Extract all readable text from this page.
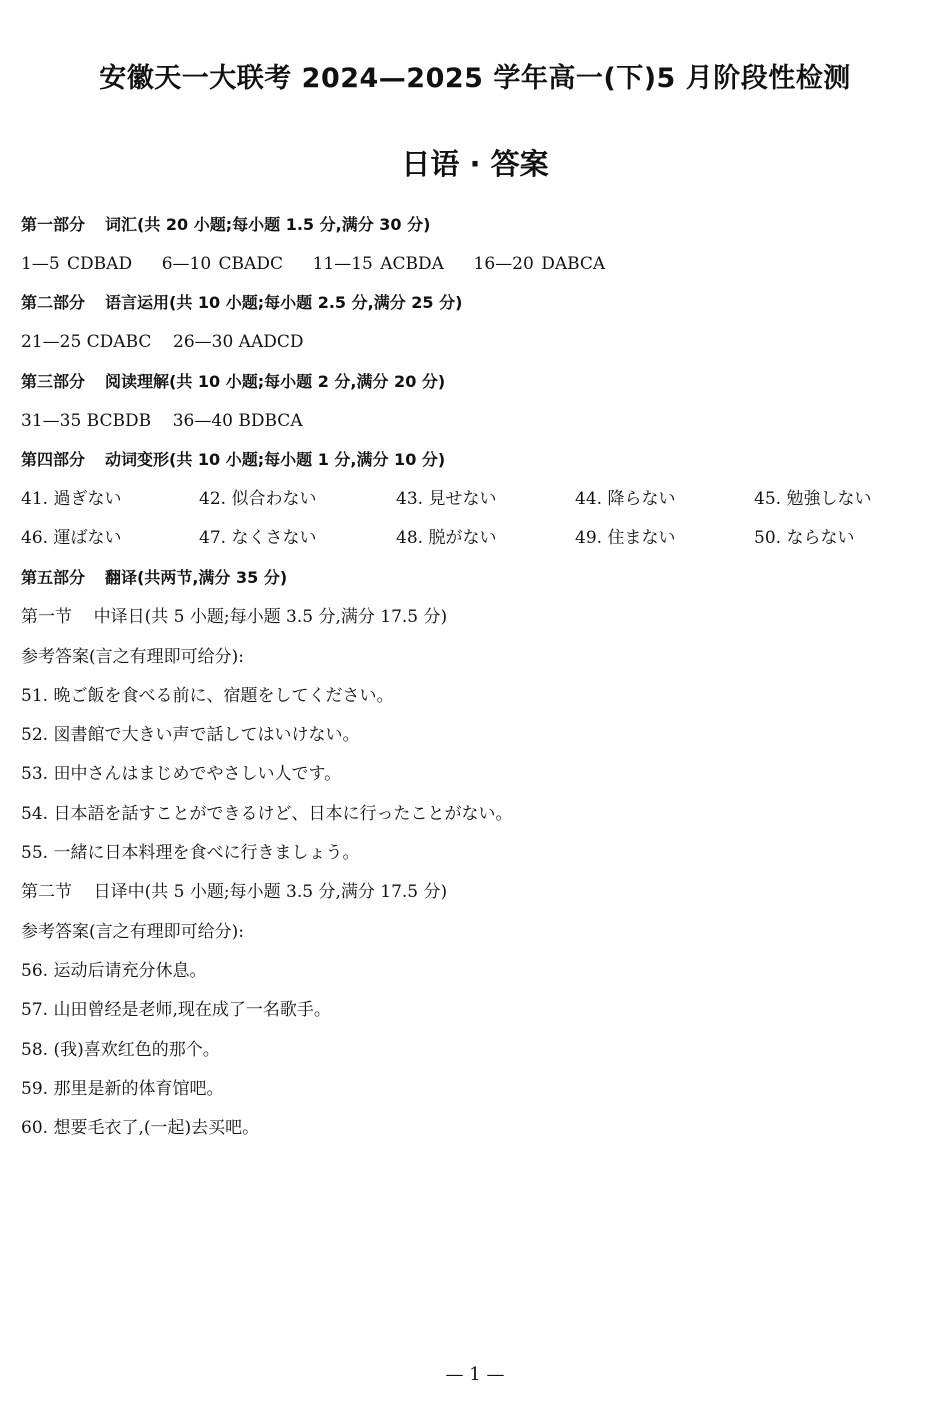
安徽天一大联考 2024—2025 学年高一(下)5 月阶段性检测
日语 · 答案
第一部分 词汇(共 20 小题;每小题 1.5 分,满分 30 分)
1—5 CDBAD    6—10 CBADC    11—15 ACBDA    16—20 DABCA
第二部分 语言运用(共 10 小题;每小题 2.5 分,满分 25 分)
21—25 CDABC    26—30 AADCD
第三部分 阅读理解(共 10 小题;每小题 2 分,满分 20 分)
31—35 BCBDB    36—40 BDBCA
第四部分 动词变形(共 10 小题;每小题 1 分,满分 10 分)
41. 過ぎない	42. 似合わない	43. 見せない	44. 降らない	45. 勉強しない
46. 運ばない	47. なくさない	48. 脱がない	49. 住まない	50. ならない
第五部分 翻译(共两节,满分 35 分)
第一节    中译日(共 5 小题;每小题 3.5 分,满分 17.5 分)
参考答案(言之有理即可给分):
51. 晩ご飯を食べる前に、宿題をしてください。
52. 図書館で大きい声で話してはいけない。
53. 田中さんはまじめでやさしい人です。
54. 日本語を話すことができるけど、日本に行ったことがない。
55. 一緒に日本料理を食べに行きましょう。
第二节    日译中(共 5 小题;每小题 3.5 分,满分 17.5 分)
参考答案(言之有理即可给分):
56. 运动后请充分休息。
57. 山田曾经是老师,现在成了一名歌手。
58. (我)喜欢红色的那个。
59. 那里是新的体育馆吧。
60. 想要毛衣了,(一起)去买吧。
— 1 —
